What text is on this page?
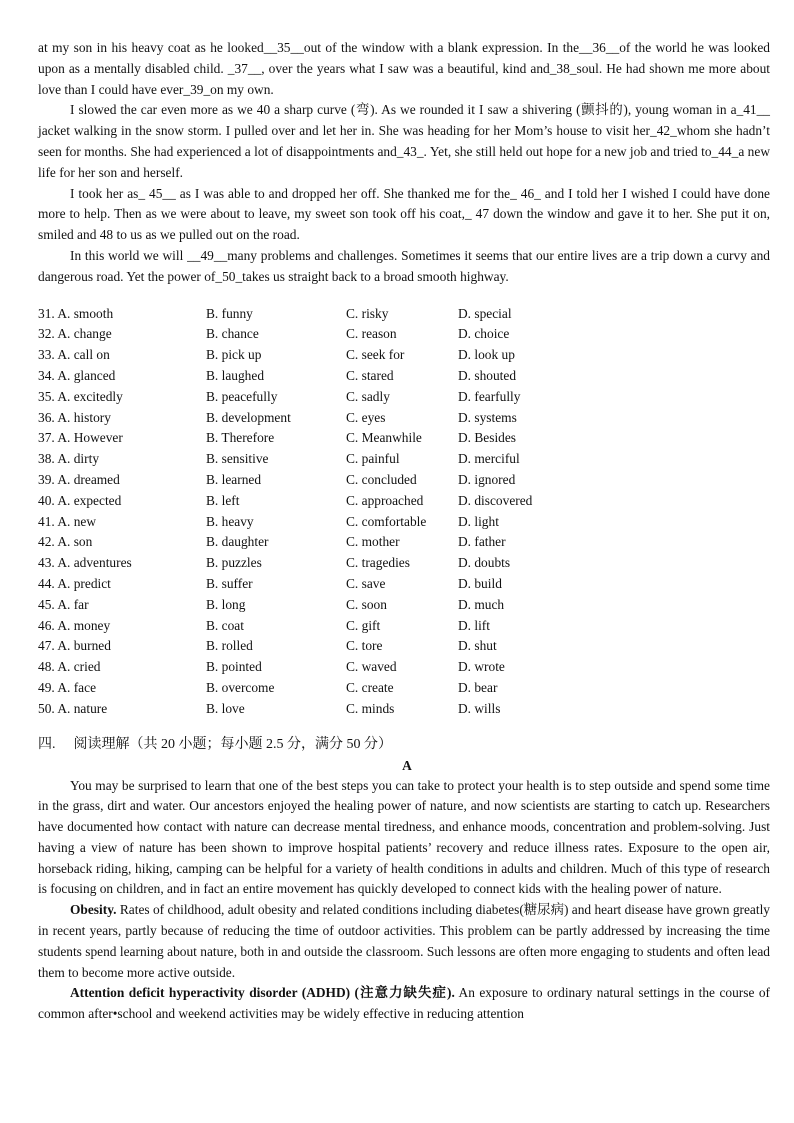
at my son in his heavy coat as he looked__35__out of the window with a blank expression. In the__36__of the world he was looked upon as a mentally disabled child. _37__, over the years what I saw was a beautiful, kind and_38_soul. He had shown me more about love than I could have ever_39_on my own.

I slowed the car even more as we 40 a sharp curve (弯). As we rounded it I saw a shivering (颤抖的), young woman in a_41__ jacket walking in the snow storm. I pulled over and let her in. She was heading for her Mom’s house to visit her_42_whom she hadn’t seen for months. She had experienced a lot of disappointments and_43_. Yet, she still held out hope for a new job and tried to_44_a new life for her son and herself.

I took her as_ 45__ as I was able to and dropped her off. She thanked me for the_ 46_ and I told her I wished I could have done more to help. Then as we were about to leave, my sweet son took off his coat,_ 47 down the window and gave it to her. She put it on, smiled and 48 to us as we pulled out on the road.

In this world we will __49__many problems and challenges. Sometimes it seems that our entire lives are a trip down a curvy and dangerous road. Yet the power of_50_takes us straight back to a broad smooth highway.

31. A. smooth	B. funny	C. risky	D. special
32. A. change	B. chance	C. reason	D. choice
33. A. call on	B. pick up	C. seek for	D. look up
34. A. glanced	B. laughed	C. stared	D. shouted
35. A. excitedly	B. peacefully	C. sadly	D. fearfully
36. A. history	B. development	C. eyes	D. systems
37. A. However	B. Therefore	C. Meanwhile	D. Besides
38. A. dirty	B. sensitive	C. painful	D. merciful
39. A. dreamed	B. learned	C. concluded	D. ignored
40. A. expected	B. left	C. approached	D. discovered
41. A. new	B. heavy	C. comfortable	D. light
42. A. son	B. daughter	C. mother	D. father
43. A. adventures	B. puzzles	C. tragedies	D. doubts
44. A. predict	B. suffer	C. save	D. build
45. A. far	B. long	C. soon	D. much
46. A. money	B. coat	C. gift	D. lift
47. A. burned	B. rolled	C. tore	D. shut
48. A. cried	B. pointed	C. waved	D. wrote
49. A. face	B. overcome	C. create	D. bear
50. A. nature	B. love	C. minds	D. wills
四. 阅读理解（共 20 小题；每小题 2.5 分，满分 50 分）
A

You may be surprised to learn that one of the best steps you can take to protect your health is to step outside and spend some time in the grass, dirt and water. Our ancestors enjoyed the healing power of nature, and now scientists are starting to catch up. Researchers have documented how contact with nature can decrease mental tiredness, and enhance moods, concentration and problem-solving. Just having a view of nature has been shown to improve hospital patients’ recovery and reduce illness rates. Exposure to the open air, horseback riding, hiking, camping can be helpful for a variety of health conditions in adults and children. Much of this type of research is focusing on children, and in fact an entire movement has quickly developed to connect kids with the healing power of nature.

Obesity. Rates of childhood, adult obesity and related conditions including diabetes(糖尿病) and heart disease have grown greatly in recent years, partly because of reducing the time of outdoor activities. This problem can be partly addressed by increasing the time students spend learning about nature, both in and outside the classroom. Such lessons are often more engaging to students and often lead them to become more active outside.

Attention deficit hyperactivity disorder (ADHD) (注意力缺失症). An exposure to ordinary natural settings in the course of common after•school and weekend activities may be widely effective in reducing attention
